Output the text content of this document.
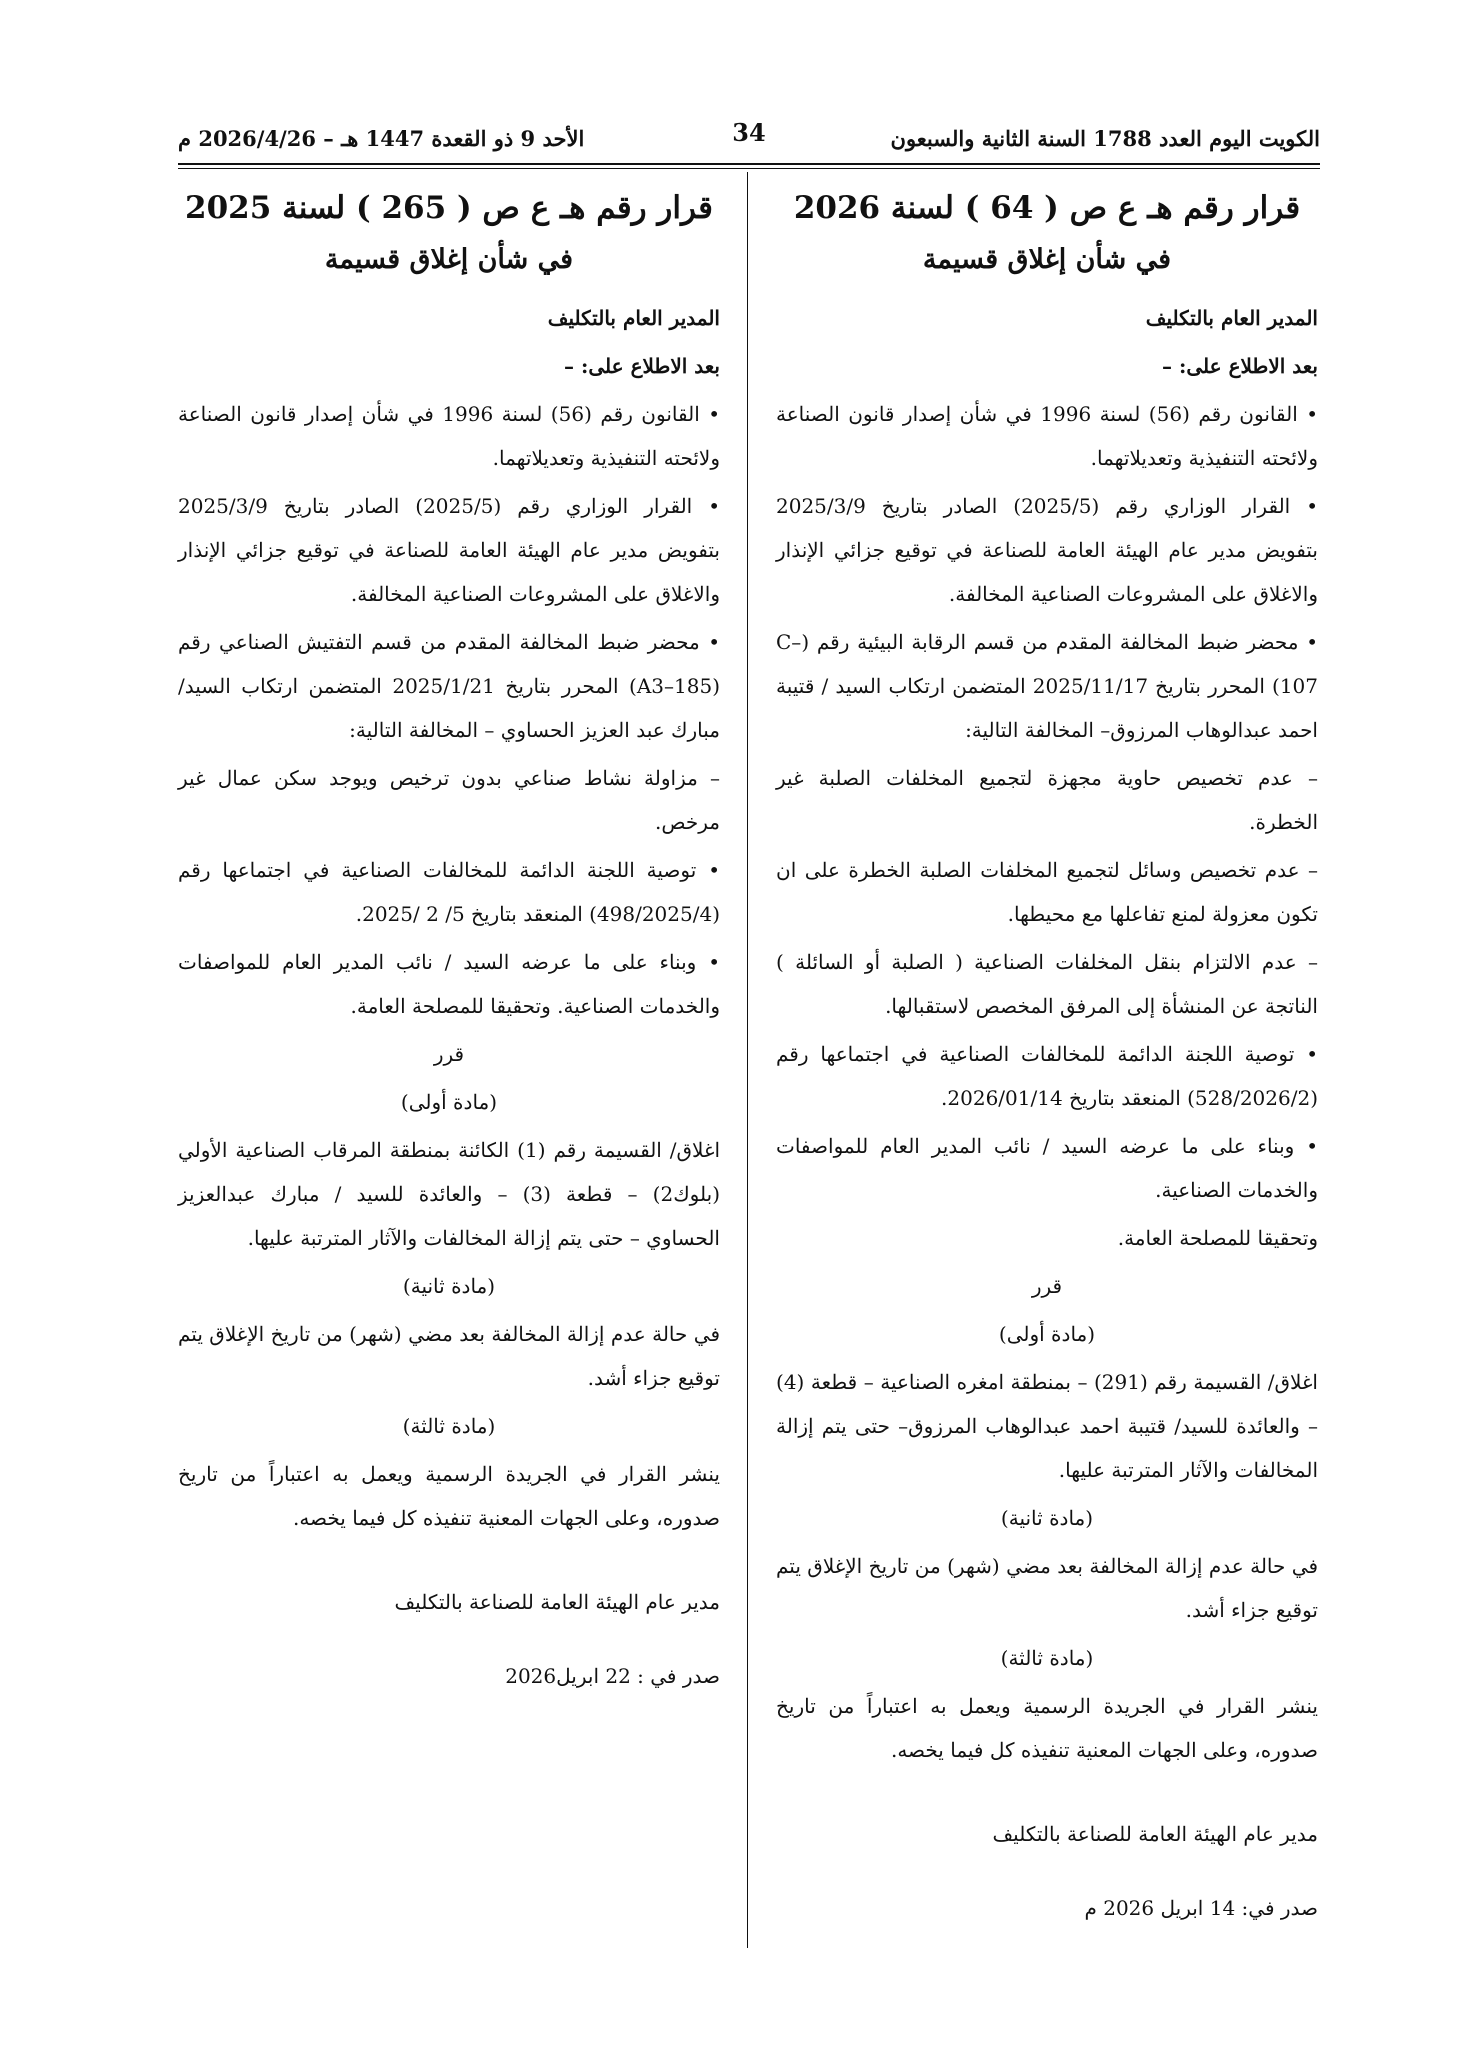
الكويت اليوم العدد 1788 السنة الثانية والسبعون
34
الأحد 9 ذو القعدة 1447 هـ – 2026/4/26 م
قرار رقم هـ ع ص ( 64 ) لسنة 2026
في شأن إغلاق قسيمة

المدير العام بالتكليف

بعد الاطلاع على: –

• القانون رقم (56) لسنة 1996 في شأن إصدار قانون الصناعة ولائحته التنفيذية وتعديلاتهما.

• القرار الوزاري رقم (2025/5) الصادر بتاريخ 2025/3/9 بتفويض مدير عام الهيئة العامة للصناعة في توقيع جزائي الإنذار والاغلاق على المشروعات الصناعية المخالفة.

• محضر ضبط المخالفة المقدم من قسم الرقابة البيئية رقم (C–107) المحرر بتاريخ 2025/11/17 المتضمن ارتكاب السيد / قتيبة احمد عبدالوهاب المرزوق– المخالفة التالية:

– عدم تخصيص حاوية مجهزة لتجميع المخلفات الصلبة غير الخطرة.

– عدم تخصيص وسائل لتجميع المخلفات الصلبة الخطرة على ان تكون معزولة لمنع تفاعلها مع محيطها.

– عدم الالتزام بنقل المخلفات الصناعية ( الصلبة أو السائلة ) الناتجة عن المنشأة إلى المرفق المخصص لاستقبالها.

• توصية اللجنة الدائمة للمخالفات الصناعية في اجتماعها رقم (528/2026/2) المنعقد بتاريخ 2026/01/14.

• وبناء على ما عرضه السيد / نائب المدير العام للمواصفات والخدمات الصناعية.

وتحقيقا للمصلحة العامة.

قرر

(مادة أولى)

اغلاق/ القسيمة رقم (291) – بمنطقة امغره الصناعية – قطعة (4) – والعائدة للسيد/ قتيبة احمد عبدالوهاب المرزوق– حتى يتم إزالة المخالفات والآثار المترتبة عليها.

(مادة ثانية)

في حالة عدم إزالة المخالفة بعد مضي (شهر) من تاريخ الإغلاق يتم توقيع جزاء أشد.

(مادة ثالثة)

ينشر القرار في الجريدة الرسمية ويعمل به اعتباراً من تاريخ صدوره، وعلى الجهات المعنية تنفيذه كل فيما يخصه.

مدير عام الهيئة العامة للصناعة بالتكليف

صدر في: 14 ابريل 2026 م

قرار رقم هـ ع ص ( 265 ) لسنة 2025
في شأن إغلاق قسيمة

المدير العام بالتكليف

بعد الاطلاع على: –

• القانون رقم (56) لسنة 1996 في شأن إصدار قانون الصناعة ولائحته التنفيذية وتعديلاتهما.

• القرار الوزاري رقم (2025/5) الصادر بتاريخ 2025/3/9 بتفويض مدير عام الهيئة العامة للصناعة في توقيع جزائي الإنذار والاغلاق على المشروعات الصناعية المخالفة.

• محضر ضبط المخالفة المقدم من قسم التفتيش الصناعي رقم (A3–185) المحرر بتاريخ 2025/1/21 المتضمن ارتكاب السيد/ مبارك عبد العزيز الحساوي – المخالفة التالية:

– مزاولة نشاط صناعي بدون ترخيص ويوجد سكن عمال غير مرخص.

• توصية اللجنة الدائمة للمخالفات الصناعية في اجتماعها رقم (498/2025/4) المنعقد بتاريخ 5/ 2 /2025.

• وبناء على ما عرضه السيد / نائب المدير العام للمواصفات والخدمات الصناعية. وتحقيقا للمصلحة العامة.

قرر

(مادة أولى)

اغلاق/ القسيمة رقم (1) الكائنة بمنطقة المرقاب الصناعية الأولي (بلوك2) – قطعة (3) – والعائدة للسيد / مبارك عبدالعزيز الحساوي – حتى يتم إزالة المخالفات والآثار المترتبة عليها.

(مادة ثانية)

في حالة عدم إزالة المخالفة بعد مضي (شهر) من تاريخ الإغلاق يتم توقيع جزاء أشد.

(مادة ثالثة)

ينشر القرار في الجريدة الرسمية ويعمل به اعتباراً من تاريخ صدوره، وعلى الجهات المعنية تنفيذه كل فيما يخصه.

مدير عام الهيئة العامة للصناعة بالتكليف

صدر في : 22 ابريل2026
